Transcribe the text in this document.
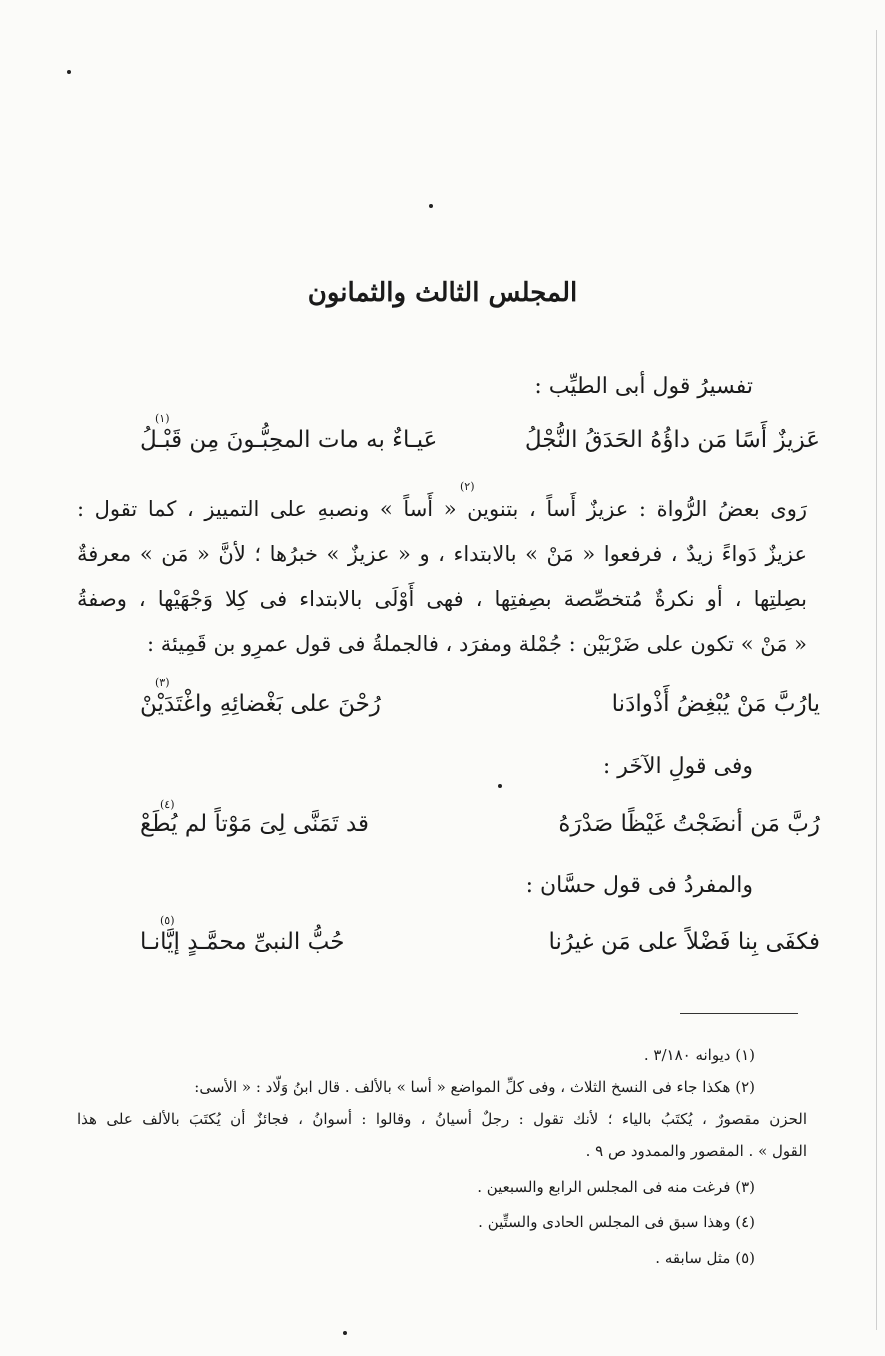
المجلس الثالث والثمانون
تفسيرُ قول أبى الطيِّب :
عَزيزٌ أَسًا مَن داؤُهُ الحَدَقُ النُّجْلُ
عَيـاءٌ به مات المحِبُّـونَ مِن قَبْـلُ
(١)
رَوى بعضُ الرُّواة : عزيزٌ أَساً ، بتنوين « أَساً » ونصبهِ على التمييز ، كما تقول :
(٢)
عزيزٌ دَواءً زيدٌ ، فرفعوا « مَنْ » بالابتداء ، و « عزيزٌ » خبرُها ؛ لأنَّ « مَن » معرفةٌ
بصِلتِها ، أو نكرةٌ مُتخصِّصة بصِفتِها ، فهى أَوْلَى بالابتداء فى كِلا وَجْهَيْها ، وصفةُ
« مَنْ » تكون على ضَرْبَيْن : جُمْلة ومفرَد ، فالجملةُ فى قول عمرِو بن قَمِيئة :
يارُبَّ مَنْ يُبْغِضُ أَذْوادَنا
رُحْنَ على بَغْضائِهِ واغْتَدَيْنْ
(٣)
وفى قولِ الآخَر :
رُبَّ مَن أنضَجْتُ غَيْظًا صَدْرَهُ
قد تَمَنَّى لِىَ مَوْتاً لم يُطَعْ
(٤)
والمفردُ فى قول حسَّان :
فكفَى بِنا فَضْلاً على مَن غيرُنا
حُبُّ النبىِّ محمَّـدٍ إيَّانـا
(٥)
(١) ديوانه ٣/١٨٠ .
(٢) هكذا جاء فى النسخ الثلاث ، وفى كلِّ المواضع « أسا » بالألف . قال ابنُ وَلّاد : « الأسى:
الحزن مقصورٌ ، يُكتَبُ بالياء ؛ لأنك تقول : رجلٌ أسيانُ ، وقالوا : أسوانُ ، فجائزٌ أن يُكتَبَ بالألف على هذا
القول » . المقصور والممدود ص ٩ .
(٣) فرغت منه فى المجلس الرابع والسبعين .
(٤) وهذا سبق فى المجلس الحادى والستِّين .
(٥) مثل سابقه .
